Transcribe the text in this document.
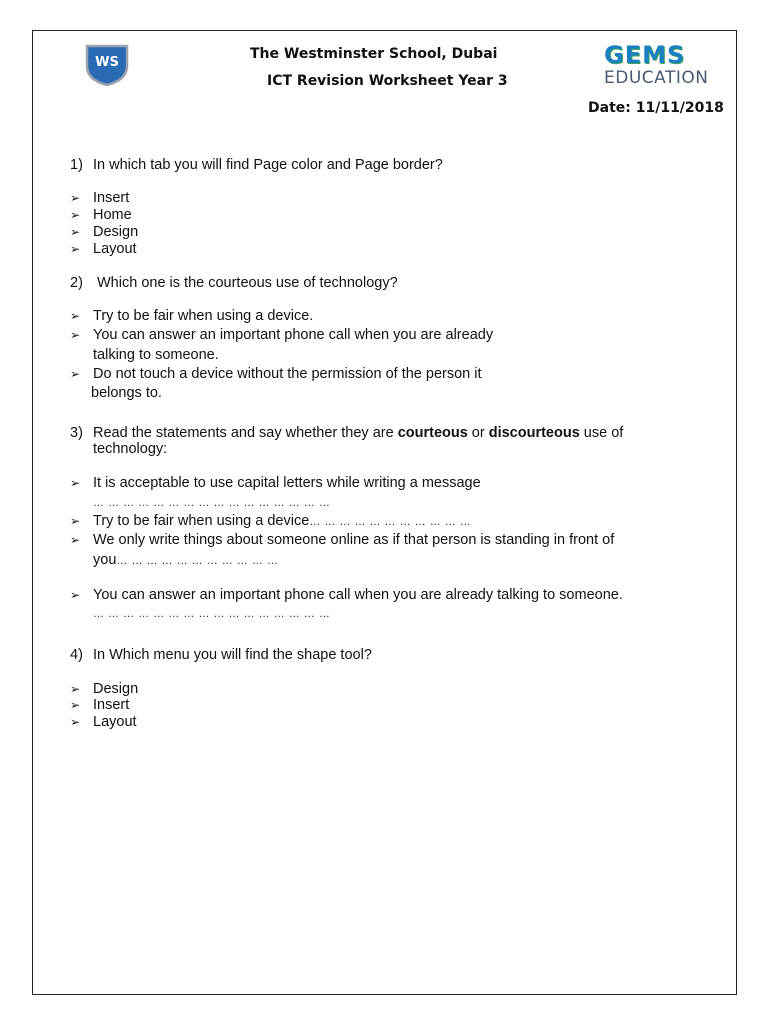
WS
The Westminster School, Dubai
ICT Revision Worksheet Year 3
Date: 11/11/2018
GEMS
EDUCATION
1) In which tab you will find Page color and Page border?
➢ Insert
➢ Home
➢ Design
➢ Layout
2) Which one is the courteous use of technology?
➢ Try to be fair when using a device.
➢ You can answer an important phone call when you are already
talking to someone.
➢ Do not touch a device without the permission of the person it
belongs to.
3) Read the statements and say whether they are courteous or discourteous use of
technology:
➢ It is acceptable to use capital letters while writing a message
… … … … … … … … … … … … … … … …
➢ Try to be fair when using a device… … … … … … … … … … …
➢ We only write things about someone online as if that person is standing in front of
you… … … … … … … … … … …
➢ You can answer an important phone call when you are already talking to someone.
… … … … … … … … … … … … … … … …
4) In Which menu you will find the shape tool?
➢ Design
➢ Insert
➢ Layout
